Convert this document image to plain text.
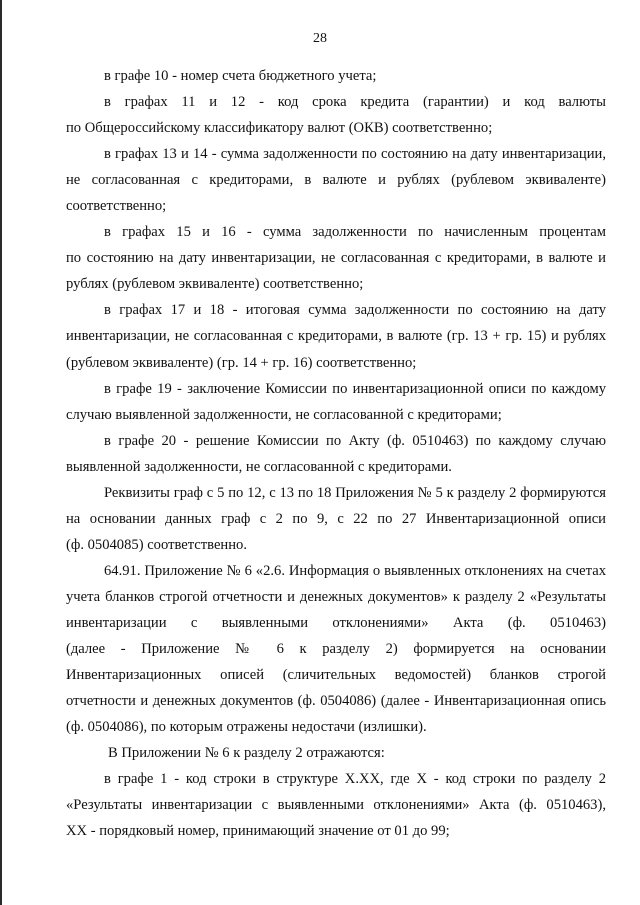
28
в графе 10 - номер счета бюджетного учета;
в графах 11 и 12 - код срока кредита (гарантии) и код валюты
по Общероссийскому классификатору валют (ОКВ) соответственно;
в графах 13 и 14 - сумма задолженности по состоянию на дату инвентаризации,
не согласованная с кредиторами, в валюте и рублях (рублевом эквиваленте)
соответственно;
в графах 15 и 16 - сумма задолженности по начисленным процентам
по состоянию на дату инвентаризации, не согласованная с кредиторами, в валюте и
рублях (рублевом эквиваленте) соответственно;
в графах 17 и 18 - итоговая сумма задолженности по состоянию на дату
инвентаризации, не согласованная с кредиторами, в валюте (гр. 13 + гр. 15) и рублях
(рублевом эквиваленте) (гр. 14 + гр. 16) соответственно;
в графе 19 - заключение Комиссии по инвентаризационной описи по каждому
случаю выявленной задолженности, не согласованной с кредиторами;
в графе 20 - решение Комиссии по Акту (ф. 0510463) по каждому случаю
выявленной задолженности, не согласованной с кредиторами.
Реквизиты граф с 5 по 12, с 13 по 18 Приложения № 5 к разделу 2 формируются
на основании данных граф с 2 по 9, с 22 по 27 Инвентаризационной описи
(ф. 0504085) соответственно.
64.91. Приложение № 6 «2.6. Информация о выявленных отклонениях на счетах
учета бланков строгой отчетности и денежных документов» к разделу 2 «Результаты
инвентаризации с выявленными отклонениями» Акта (ф. 0510463)
(далее - Приложение № 6 к разделу 2) формируется на основании
Инвентаризационных описей (сличительных ведомостей) бланков строгой
отчетности и денежных документов (ф. 0504086) (далее - Инвентаризационная опись
(ф. 0504086), по которым отражены недостачи (излишки).
В Приложении № 6 к разделу 2 отражаются:
в графе 1 - код строки в структуре X.XX, где X - код строки по разделу 2
«Результаты инвентаризации с выявленными отклонениями» Акта (ф. 0510463),
XX - порядковый номер, принимающий значение от 01 до 99;
